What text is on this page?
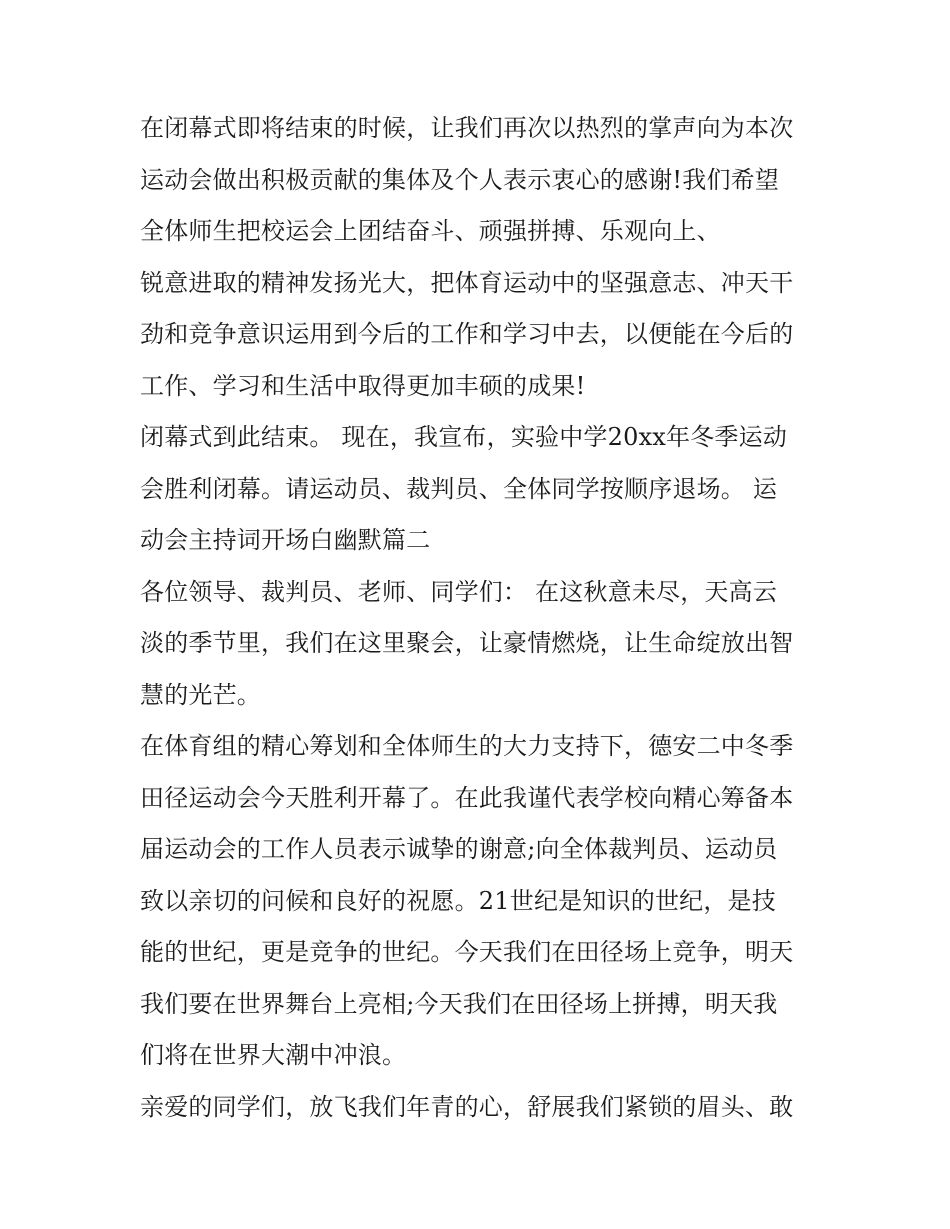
在闭幕式即将结束的时候，让我们再次以热烈的掌声向为本次
运动会做出积极贡献的集体及个人表示衷心的感谢!我们希望
全体师生把校运会上团结奋斗、顽强拼搏、乐观向上、
锐意进取的精神发扬光大，把体育运动中的坚强意志、冲天干
劲和竞争意识运用到今后的工作和学习中去，以便能在今后的
工作、学习和生活中取得更加丰硕的成果!
闭幕式到此结束。 现在，我宣布，实验中学20xx年冬季运动
会胜利闭幕。请运动员、裁判员、全体同学按顺序退场。 运
动会主持词开场白幽默篇二
各位领导、裁判员、老师、同学们： 在这秋意未尽，天高云
淡的季节里，我们在这里聚会，让豪情燃烧，让生命绽放出智
慧的光芒。
在体育组的精心筹划和全体师生的大力支持下，德安二中冬季
田径运动会今天胜利开幕了。在此我谨代表学校向精心筹备本
届运动会的工作人员表示诚挚的谢意;向全体裁判员、运动员
致以亲切的问候和良好的祝愿。21世纪是知识的世纪，是技
能的世纪，更是竞争的世纪。今天我们在田径场上竞争，明天
我们要在世界舞台上亮相;今天我们在田径场上拼搏，明天我
们将在世界大潮中冲浪。
亲爱的同学们，放飞我们年青的心，舒展我们紧锁的眉头、敢
